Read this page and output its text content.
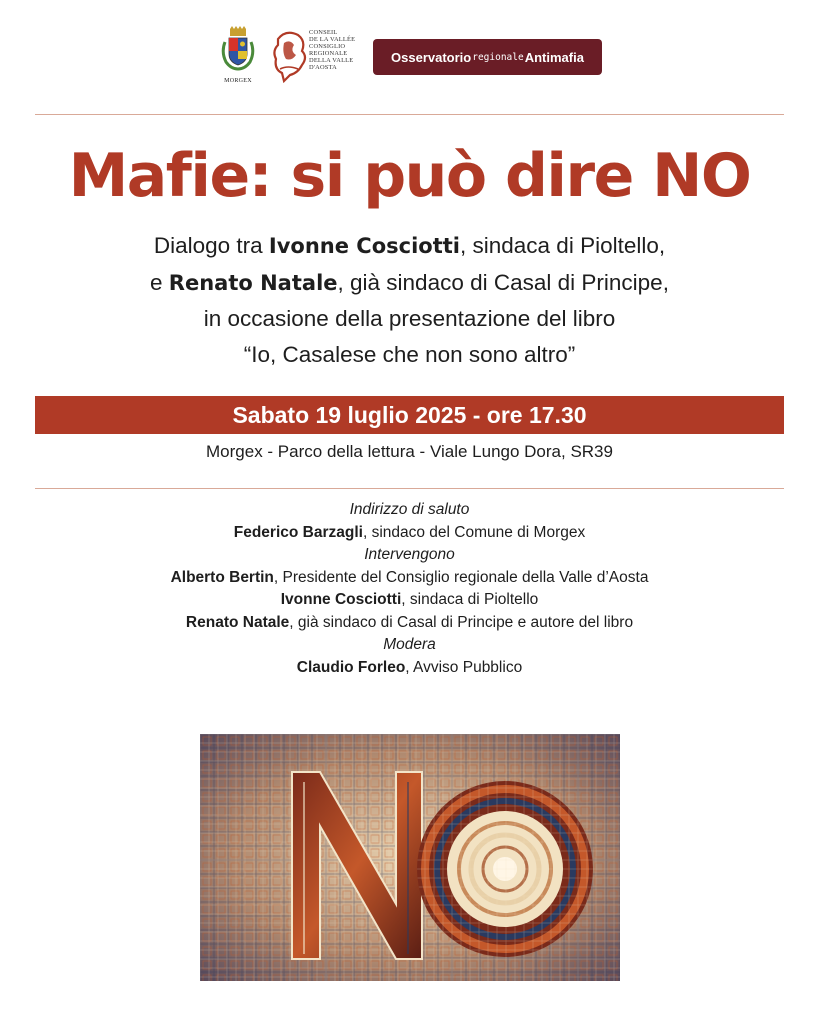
MORGEX
CONSEIL
DE LA VALLÉE
CONSIGLIO
REGIONALE
DELLA VALLE
D'AOSTA
Osservatorio regionale Antimafia
Mafie: si può dire NO
Dialogo tra Ivonne Cosciotti, sindaca di Pioltello,
e Renato Natale, già sindaco di Casal di Principe,
in occasione della presentazione del libro
“Io, Casalese che non sono altro”
Sabato 19 luglio 2025 - ore 17.30
Morgex - Parco della lettura - Viale Lungo Dora, SR39
Indirizzo di saluto
Federico Barzagli, sindaco del Comune di Morgex
Intervengono
Alberto Bertin, Presidente del Consiglio regionale della Valle d’Aosta
Ivonne Cosciotti, sindaca di Pioltello
Renato Natale, già sindaco di Casal di Principe e autore del libro
Modera
Claudio Forleo, Avviso Pubblico
